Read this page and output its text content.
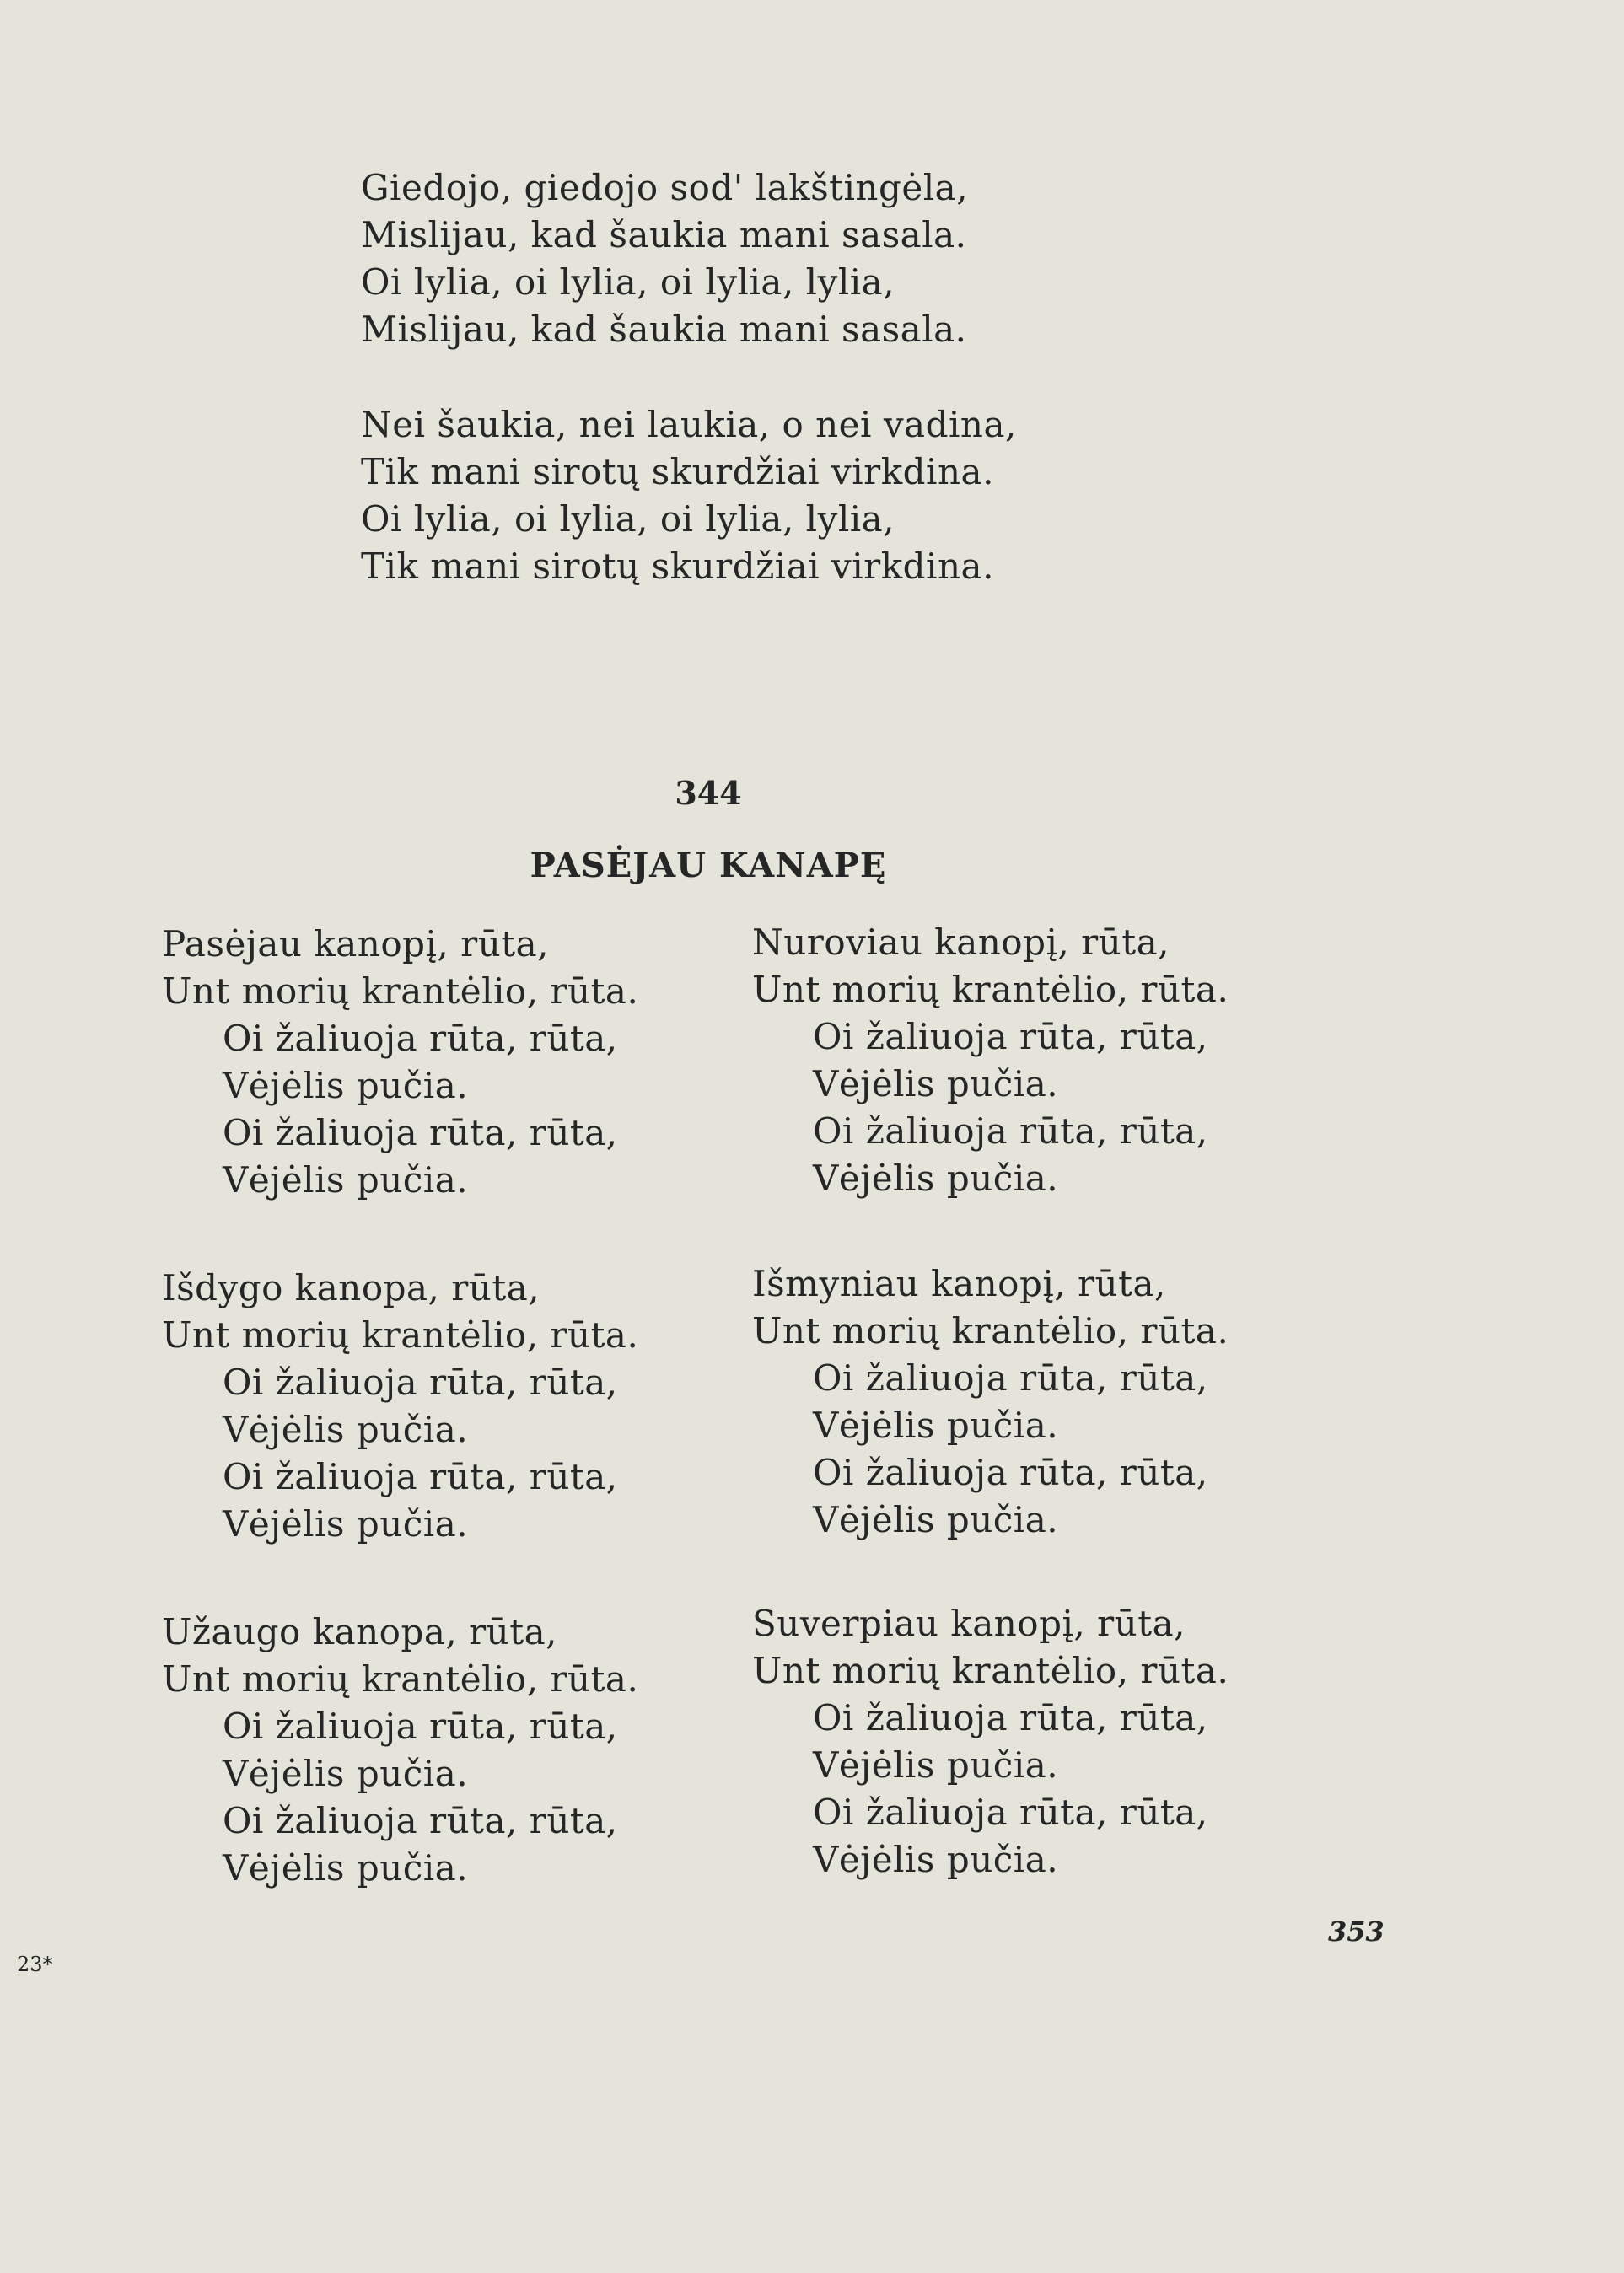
Giedojo, giedojo sod' lakštingėla,
Mislijau, kad šaukia mani sasala.
Oi lylia, oi lylia, oi lylia, lylia,
Mislijau, kad šaukia mani sasala.
Nei šaukia, nei laukia, o nei vadina,
Tik mani sirotų skurdžiai virkdina.
Oi lylia, oi lylia, oi lylia, lylia,
Tik mani sirotų skurdžiai virkdina.
344
PASĖJAU KANAPĘ
Pasėjau kanopį, rūta,
Unt morių krantėlio, rūta.
Oi žaliuoja rūta, rūta,
Vėjėlis pučia.
Oi žaliuoja rūta, rūta,
Vėjėlis pučia.
Išdygo kanopa, rūta,
Unt morių krantėlio, rūta.
Oi žaliuoja rūta, rūta,
Vėjėlis pučia.
Oi žaliuoja rūta, rūta,
Vėjėlis pučia.
Užaugo kanopa, rūta,
Unt morių krantėlio, rūta.
Oi žaliuoja rūta, rūta,
Vėjėlis pučia.
Oi žaliuoja rūta, rūta,
Vėjėlis pučia.
Nuroviau kanopį, rūta,
Unt morių krantėlio, rūta.
Oi žaliuoja rūta, rūta,
Vėjėlis pučia.
Oi žaliuoja rūta, rūta,
Vėjėlis pučia.
Išmyniau kanopį, rūta,
Unt morių krantėlio, rūta.
Oi žaliuoja rūta, rūta,
Vėjėlis pučia.
Oi žaliuoja rūta, rūta,
Vėjėlis pučia.
Suverpiau kanopį, rūta,
Unt morių krantėlio, rūta.
Oi žaliuoja rūta, rūta,
Vėjėlis pučia.
Oi žaliuoja rūta, rūta,
Vėjėlis pučia.
353
23*
